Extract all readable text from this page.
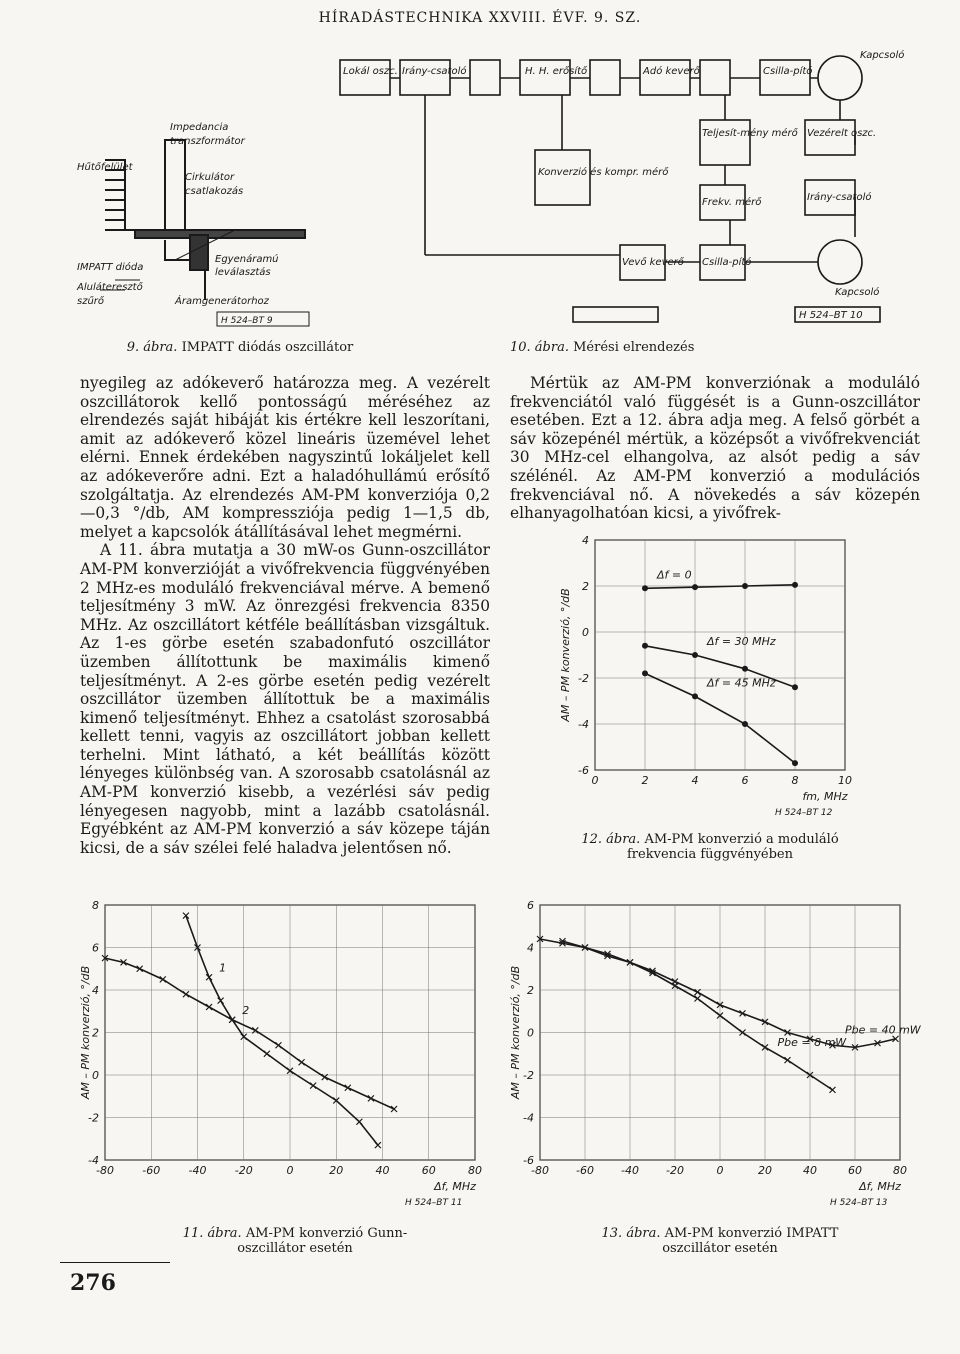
HÍRADÁSTECHNIKA XXVIII. ÉVF. 9. SZ.
Hűtőfelület
Impedancia
transzformátor
Cirkulátor
csatlakozás
Egyenáramú
leválasztás
IMPATT dióda
Aluláteresztő
szűrő	Áramgenerátorhoz
H 524–BT 9
9. ábra. IMPATT diódás oszcillátor
Lokál oszc. Irány-csatoló	H. H. erősítő	Adó keverő	Csilla-pító
Kapcsoló
Teljesít-mény mérő Vezérelt oszc.
Konverzió és kompr. mérő
Frekv. mérő	Irány-csatoló
Vevő keverő Csilla-pító
Kapcsoló
H 524–BT 10
10. ábra. Mérési elrendezés

nyegileg az adókeverő határozza meg. A vezérelt oszcillátorok kellő pontosságú méréséhez az elrendezés saját hibáját kis értékre kell leszorítani, amit az adókeverő közel lineáris üzemével lehet elérni. Ennek érdekében nagyszintű lokáljelet kell az adókeverőre adni. Ezt a haladóhullámú erősítő szolgáltatja. Az elrendezés AM-PM konverziója 0,2—0,3 °/db, AM kompressziója pedig 1—1,5 db, melyet a kapcsolók átállításával lehet megmérni.

A 11. ábra mutatja a 30 mW-os Gunn-oszcillátor AM-PM konverzióját a vivőfrekvencia függvényében 2 MHz-es moduláló frekvenciával mérve. A bemenő teljesítmény 3 mW. Az önrezgési frekvencia 8350 MHz. Az oszcillátort kétféle beállításban vizsgáltuk. Az 1-es görbe esetén szabadonfutó oszcillátor üzemben állítottunk be maximális kimenő teljesítményt. A 2-es görbe esetén pedig vezérelt oszcillátor üzemben állítottuk be a maximális kimenő teljesítményt. Ehhez a csatolást szorosabbá kellett tenni, vagyis az oszcillátort jobban kellett terhelni. Mint látható, a két beállítás között lényeges különbség van. A szorosabb csatolásnál az AM-PM konverzió kisebb, a vezérlési sáv pedig lényegesen nagyobb, mint a lazább csatolásnál. Egyébként az AM-PM konverzió a sáv közepe táján kicsi, de a sáv szélei felé haladva jelentősen nő.

Mértük az AM-PM konverziónak a moduláló frekvenciától való függését is a Gunn-oszcillátor esetében. Ezt a 12. ábra adja meg. A felső görbét a sáv közepénél mértük, a középsőt a vivőfrekvenciát 30 MHz-cel elhangolva, az alsót pedig a sáv szélénél. Az AM-PM konverzió a modulációs frekvenciával nő. A növekedés a sáv közepén elhanyagolhatóan kicsi, a yivőfrek-

0	2	4	6	8	10
-6
-4
-2
0
2
4
fm, MHz
AM – PM konverzió, °/dB
Δf = 0
Δf = 30 MHz
Δf = 45 MHz
H 524–BT 12
12. ábra. AM-PM konverzió a moduláló frekvencia függvényében
-80	-60	-40	-20	0	20	40	60	80
-4
-2
0
2
4
6
8
Δf, MHz
AM – PM konverzió, °/dB	1
2
H 524–BT 11
11. ábra. AM-PM konverzió Gunn-oszcillátor esetén
-80 -60 -40 -20	0	20	40	60	80
-6
-4
-2
0
2
4
6
Δf, MHz
AM – PM konverzió, °/dB	Pbe = 40 mW
Pbe = 8 mW
H 524–BT 13
13. ábra. AM-PM konverzió IMPATT oszcillátor esetén
276
